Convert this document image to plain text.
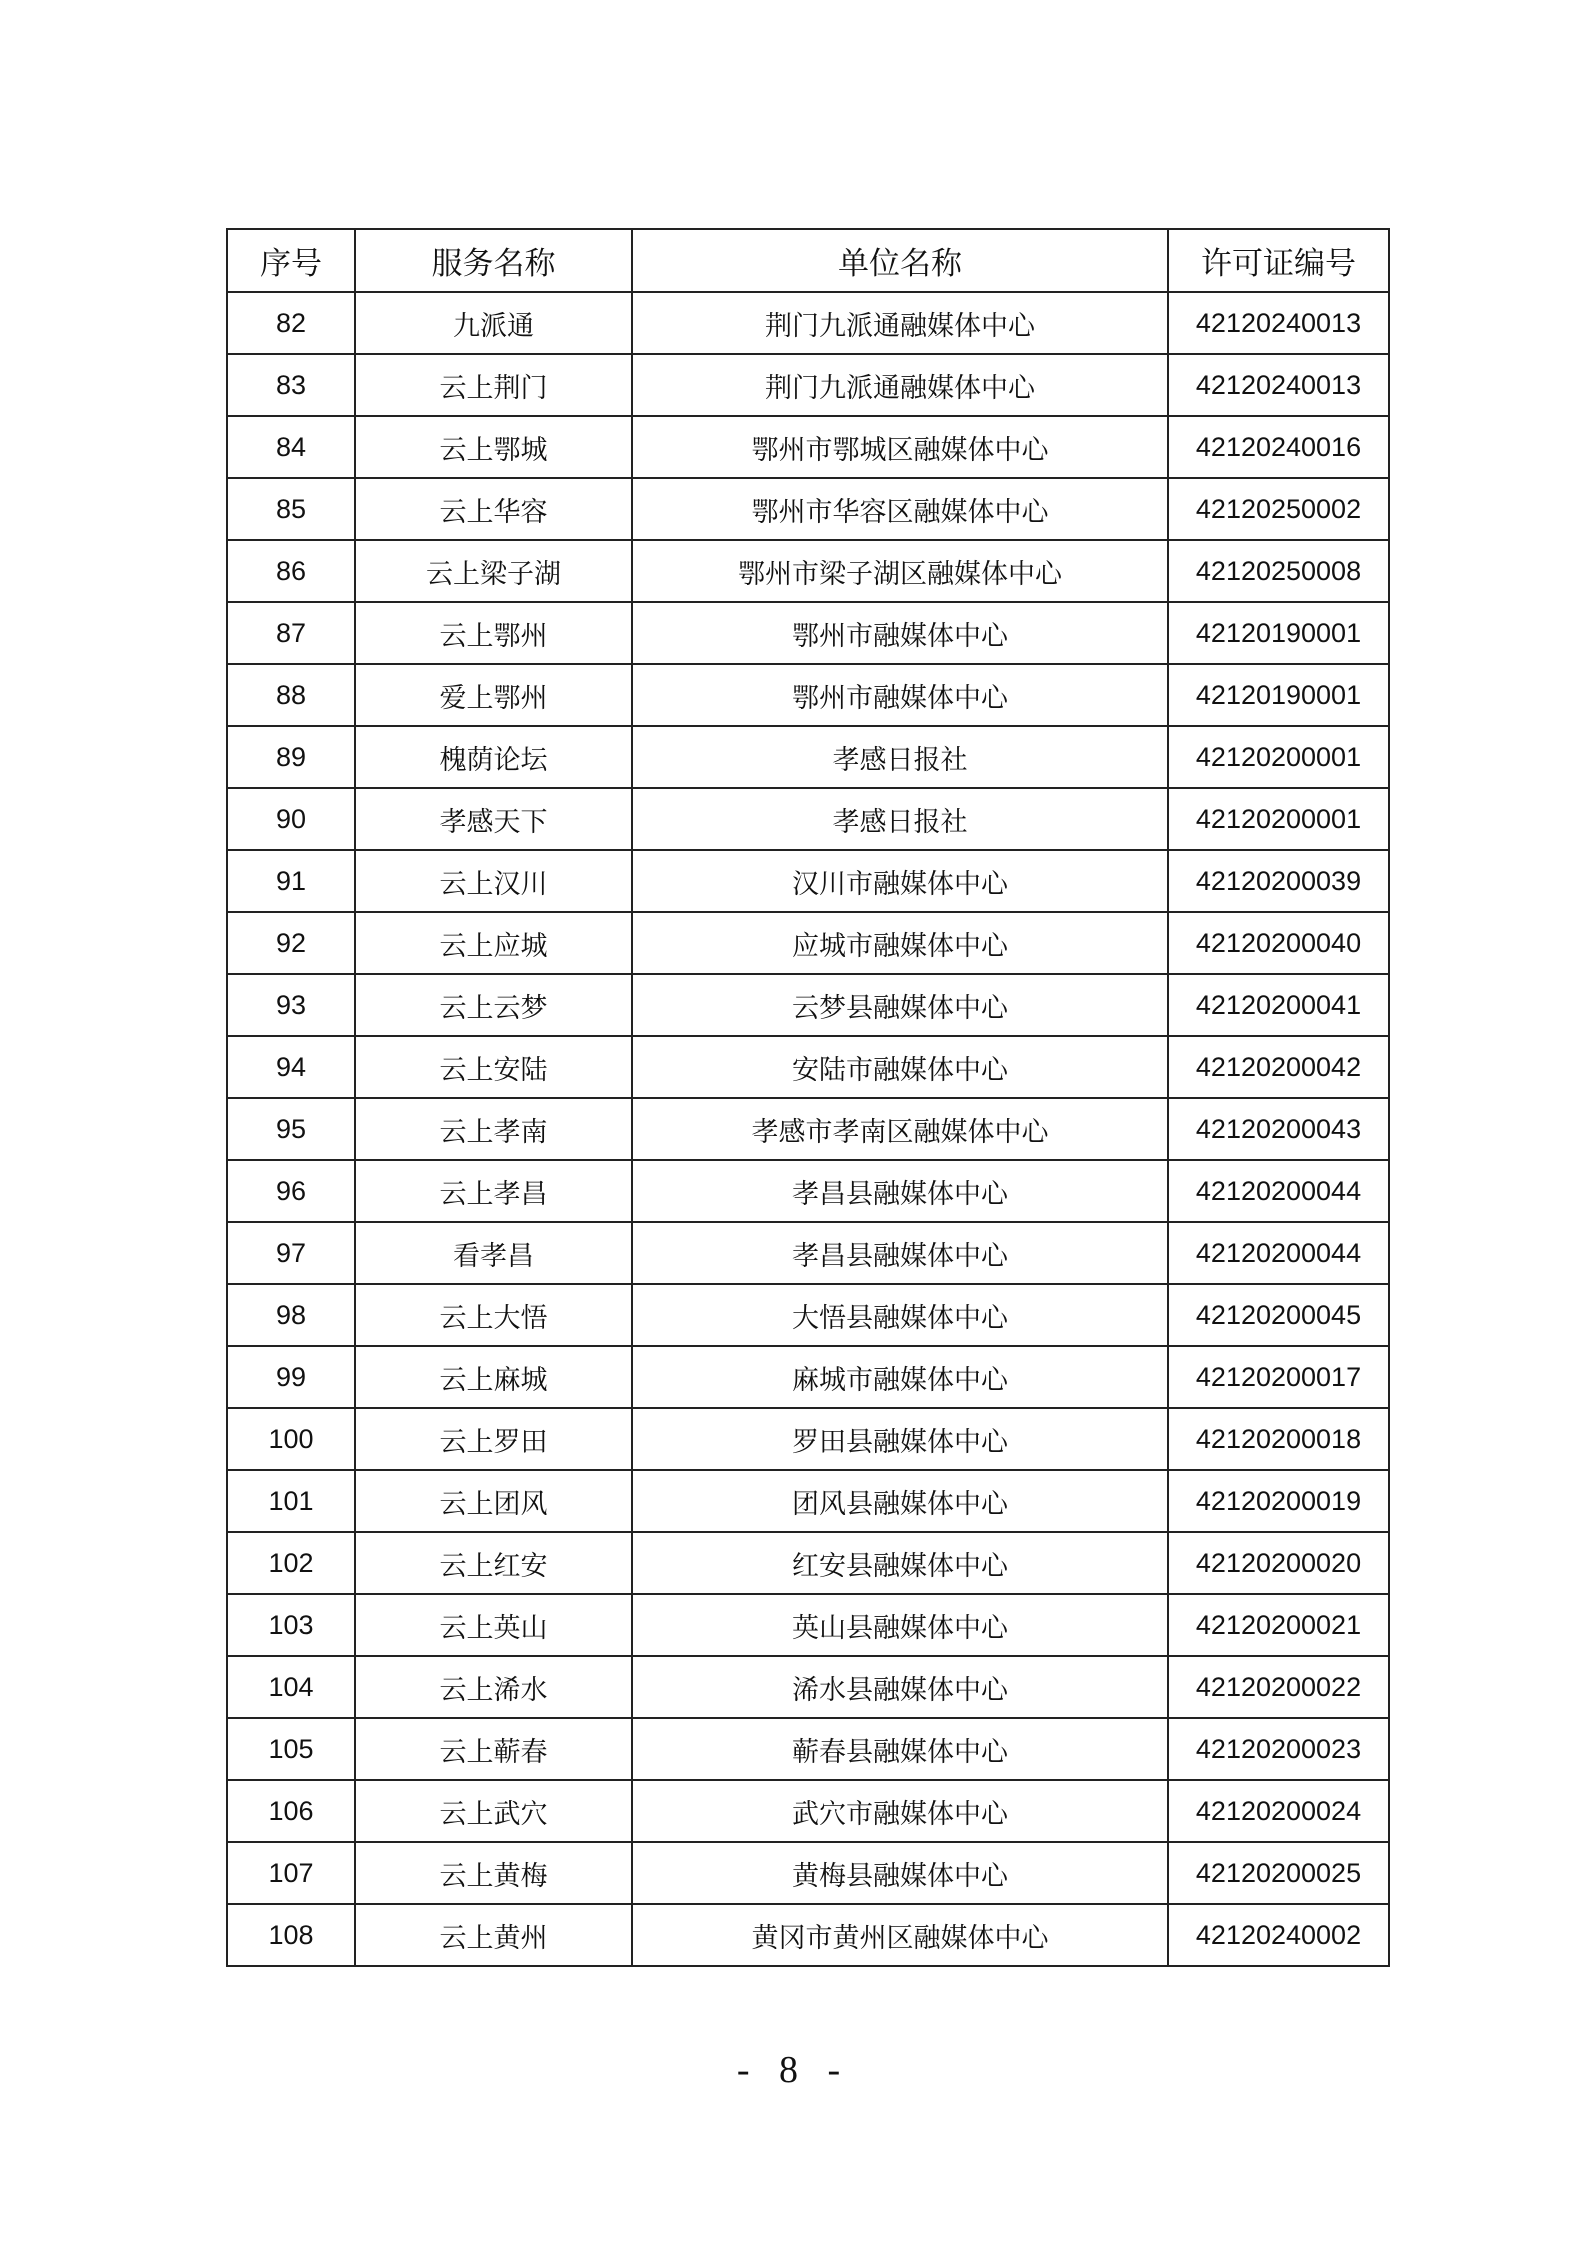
序号	服务名称	单位名称	许可证编号
82	九派通	荆门九派通融媒体中心	42120240013
83	云上荆门	荆门九派通融媒体中心	42120240013
84	云上鄂城	鄂州市鄂城区融媒体中心	42120240016
85	云上华容	鄂州市华容区融媒体中心	42120250002
86	云上梁子湖	鄂州市梁子湖区融媒体中心	42120250008
87	云上鄂州	鄂州市融媒体中心	42120190001
88	爱上鄂州	鄂州市融媒体中心	42120190001
89	槐荫论坛	孝感日报社	42120200001
90	孝感天下	孝感日报社	42120200001
91	云上汉川	汉川市融媒体中心	42120200039
92	云上应城	应城市融媒体中心	42120200040
93	云上云梦	云梦县融媒体中心	42120200041
94	云上安陆	安陆市融媒体中心	42120200042
95	云上孝南	孝感市孝南区融媒体中心	42120200043
96	云上孝昌	孝昌县融媒体中心	42120200044
97	看孝昌	孝昌县融媒体中心	42120200044
98	云上大悟	大悟县融媒体中心	42120200045
99	云上麻城	麻城市融媒体中心	42120200017
100	云上罗田	罗田县融媒体中心	42120200018
101	云上团风	团风县融媒体中心	42120200019
102	云上红安	红安县融媒体中心	42120200020
103	云上英山	英山县融媒体中心	42120200021
104	云上浠水	浠水县融媒体中心	42120200022
105	云上蕲春	蕲春县融媒体中心	42120200023
106	云上武穴	武穴市融媒体中心	42120200024
107	云上黄梅	黄梅县融媒体中心	42120200025
108	云上黄州	黄冈市黄州区融媒体中心	42120240002
- 8 -
